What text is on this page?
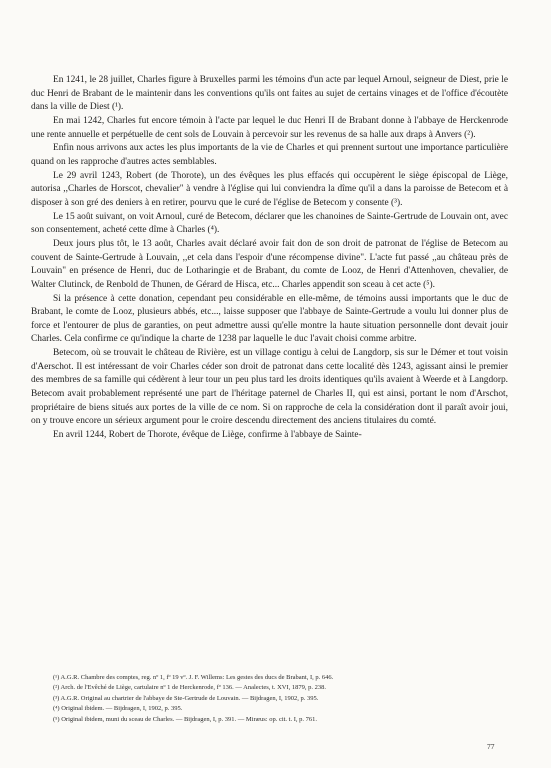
En 1241, le 28 juillet, Charles figure à Bruxelles parmi les témoins d'un acte par lequel Arnoul, seigneur de Diest, prie le duc Henri de Brabant de le maintenir dans les conventions qu'ils ont faites au sujet de certains vinages et de l'office d'écoutète dans la ville de Diest (¹).

En mai 1242, Charles fut encore témoin à l'acte par lequel le duc Henri II de Brabant donne à l'abbaye de Herckenrode une rente annuelle et perpétuelle de cent sols de Louvain à percevoir sur les revenus de sa halle aux draps à Anvers (²).

Enfin nous arrivons aux actes les plus importants de la vie de Charles et qui prennent surtout une importance particulière quand on les rapproche d'autres actes semblables.

Le 29 avril 1243, Robert (de Thorote), un des évêques les plus effacés qui occupèrent le siège épiscopal de Liège, autorisa ,,Charles de Horscot, chevalier" à vendre à l'église qui lui conviendra la dîme qu'il a dans la paroisse de Betecom et à disposer à son gré des deniers à en retirer, pourvu que le curé de l'église de Betecom y consente (³).

Le 15 août suivant, on voit Arnoul, curé de Betecom, déclarer que les chanoines de Sainte-Gertrude de Louvain ont, avec son consentement, acheté cette dîme à Charles (⁴).

Deux jours plus tôt, le 13 août, Charles avait déclaré avoir fait don de son droit de patronat de l'église de Betecom au couvent de Sainte-Gertrude à Louvain, ,,et cela dans l'espoir d'une récompense divine". L'acte fut passé ,,au château près de Louvain" en présence de Henri, duc de Lotharingie et de Brabant, du comte de Looz, de Henri d'Attenhoven, chevalier, de Walter Clutinck, de Renbold de Thunen, de Gérard de Hisca, etc... Charles appendit son sceau à cet acte (⁵).

Si la présence à cette donation, cependant peu considérable en elle-même, de témoins aussi importants que le duc de Brabant, le comte de Looz, plusieurs abbés, etc..., laisse supposer que l'abbaye de Sainte-Gertrude a voulu lui donner plus de force et l'entourer de plus de garanties, on peut admettre aussi qu'elle montre la haute situation personnelle dont devait jouir Charles. Cela confirme ce qu'indique la charte de 1238 par laquelle le duc l'avait choisi comme arbitre.

Betecom, où se trouvait le château de Rivière, est un village contigu à celui de Langdorp, sis sur le Démer et tout voisin d'Aerschot. Il est intéressant de voir Charles céder son droit de patronat dans cette localité dès 1243, agissant ainsi le premier des membres de sa famille qui cédèrent à leur tour un peu plus tard les droits identiques qu'ils avaient à Weerde et à Langdorp. Betecom avait probablement représenté une part de l'héritage paternel de Charles II, qui est ainsi, portant le nom d'Arschot, propriétaire de biens situés aux portes de la ville de ce nom. Si on rapproche de cela la considération dont il paraît avoir joui, on y trouve encore un sérieux argument pour le croire descendu directement des anciens titulaires du comté.

En avril 1244, Robert de Thorote, évêque de Liège, confirme à l'abbaye de Sainte-

(¹) A.G.R. Chambre des comptes, reg. nº 1, fº 19 vº. J. F. Willems: Les gestes des ducs de Brabant, I, p. 646.

(²) Arch. de l'Evêché de Liège, cartulaire nº 1 de Herckenrode, fº 136. — Analectes, t. XVI, 1879, p. 238.

(³) A.G.R. Original au chartrier de l'abbaye de Ste-Gertrude de Louvain. — Bijdragen, I, 1902, p. 395.

(⁴) Original ibidem. — Bijdragen, I, 1902, p. 395.

(⁵) Original ibidem, muni du sceau de Charles. — Bijdragen, I, p. 391. — Miræus: op. cit. t. I, p. 761.

77
